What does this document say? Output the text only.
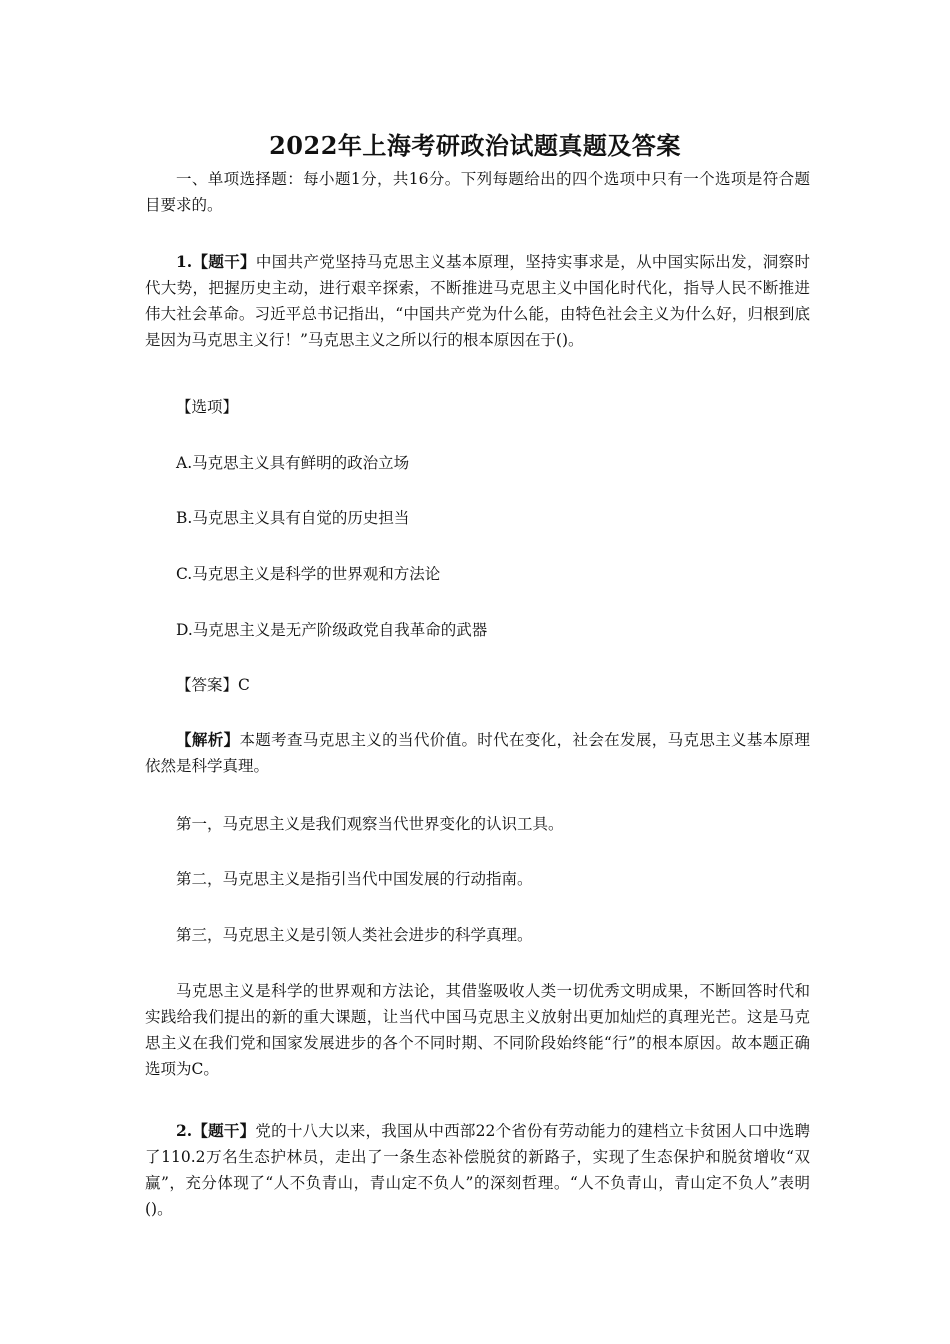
2022年上海考研政治试题真题及答案
一、单项选择题：每小题1分，共16分。下列每题给出的四个选项中只有一个选项是符合题目要求的。
1.【题干】中国共产党坚持马克思主义基本原理，坚持实事求是，从中国实际出发，洞察时代大势，把握历史主动，进行艰辛探索，不断推进马克思主义中国化时代化，指导人民不断推进伟大社会革命。习近平总书记指出，“中国共产党为什么能，由特色社会主义为什么好，归根到底是因为马克思主义行！”马克思主义之所以行的根本原因在于()。
【选项】
A.马克思主义具有鲜明的政治立场
B.马克思主义具有自觉的历史担当
C.马克思主义是科学的世界观和方法论
D.马克思主义是无产阶级政党自我革命的武器
【答案】C
【解析】本题考查马克思主义的当代价值。时代在变化，社会在发展，马克思主义基本原理依然是科学真理。
第一，马克思主义是我们观察当代世界变化的认识工具。
第二，马克思主义是指引当代中国发展的行动指南。
第三，马克思主义是引领人类社会进步的科学真理。
马克思主义是科学的世界观和方法论，其借鉴吸收人类一切优秀文明成果，不断回答时代和实践给我们提出的新的重大课题，让当代中国马克思主义放射出更加灿烂的真理光芒。这是马克思主义在我们党和国家发展进步的各个不同时期、不同阶段始终能“行”的根本原因。故本题正确选项为C。
2.【题干】党的十八大以来，我国从中西部22个省份有劳动能力的建档立卡贫困人口中选聘了110.2万名生态护林员，走出了一条生态补偿脱贫的新路子，实现了生态保护和脱贫增收“双赢”，充分体现了“人不负青山，青山定不负人”的深刻哲理。“人不负青山，青山定不负人”表明()。
